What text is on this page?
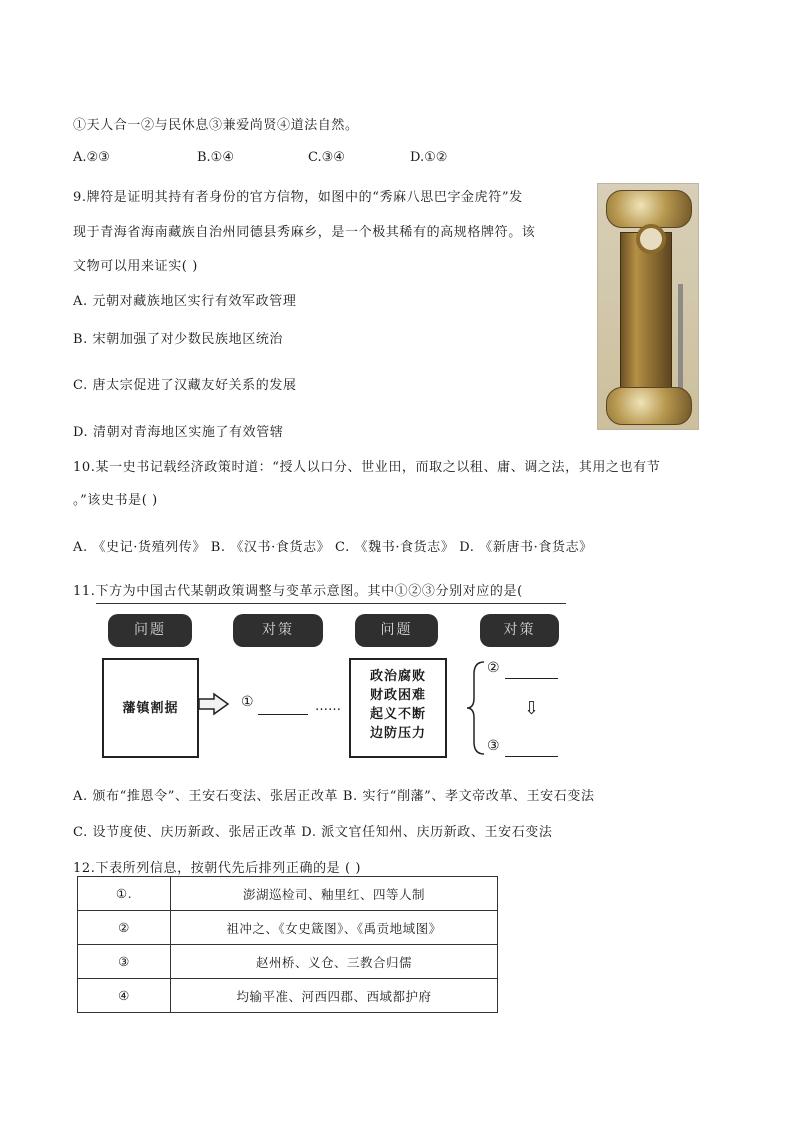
①天人合一②与民休息③兼爱尚贤④道法自然。
A.②③	B.①④	C.③④	D.①②
9.牌符是证明其持有者身份的官方信物，如图中的“秀麻八思巴字金虎符”发
现于青海省海南藏族自治州同德县秀麻乡，是一个极其稀有的高规格牌符。该
文物可以用来证实( )
A. 元朝对藏族地区实行有效军政管理
B. 宋朝加强了对少数民族地区统治
C. 唐太宗促进了汉藏友好关系的发展
D. 清朝对青海地区实施了有效管辖
10.某一史书记载经济政策时道：“授人以口分、世业田，而取之以租、庸、调之法，其用之也有节
。”该史书是( )
A. 《史记·货殖列传》 B. 《汉书·食货志》 C. 《魏书·食货志》 D. 《新唐书·食货志》
11.下方为中国古代某朝政策调整与变革示意图。其中①②③分别对应的是(
问题	对策	问题	对策
藩镇割据	①	……
政治腐败
财政困难
起义不断
边防压力
②
⇩
③
A. 颁布“推恩令”、王安石变法、张居正改革 B. 实行“削藩”、孝文帝改革、王安石变法
C. 设节度使、庆历新政、张居正改革 D. 派文官任知州、庆历新政、王安石变法
12.下表所列信息，按朝代先后排列正确的是 ( )
①.	澎湖巡检司、釉里红、四等人制
②	祖冲之、《女史箴图》、《禹贡地域图》
③	赵州桥、义仓、三教合归儒
④	均输平准、河西四郡、西域都护府
